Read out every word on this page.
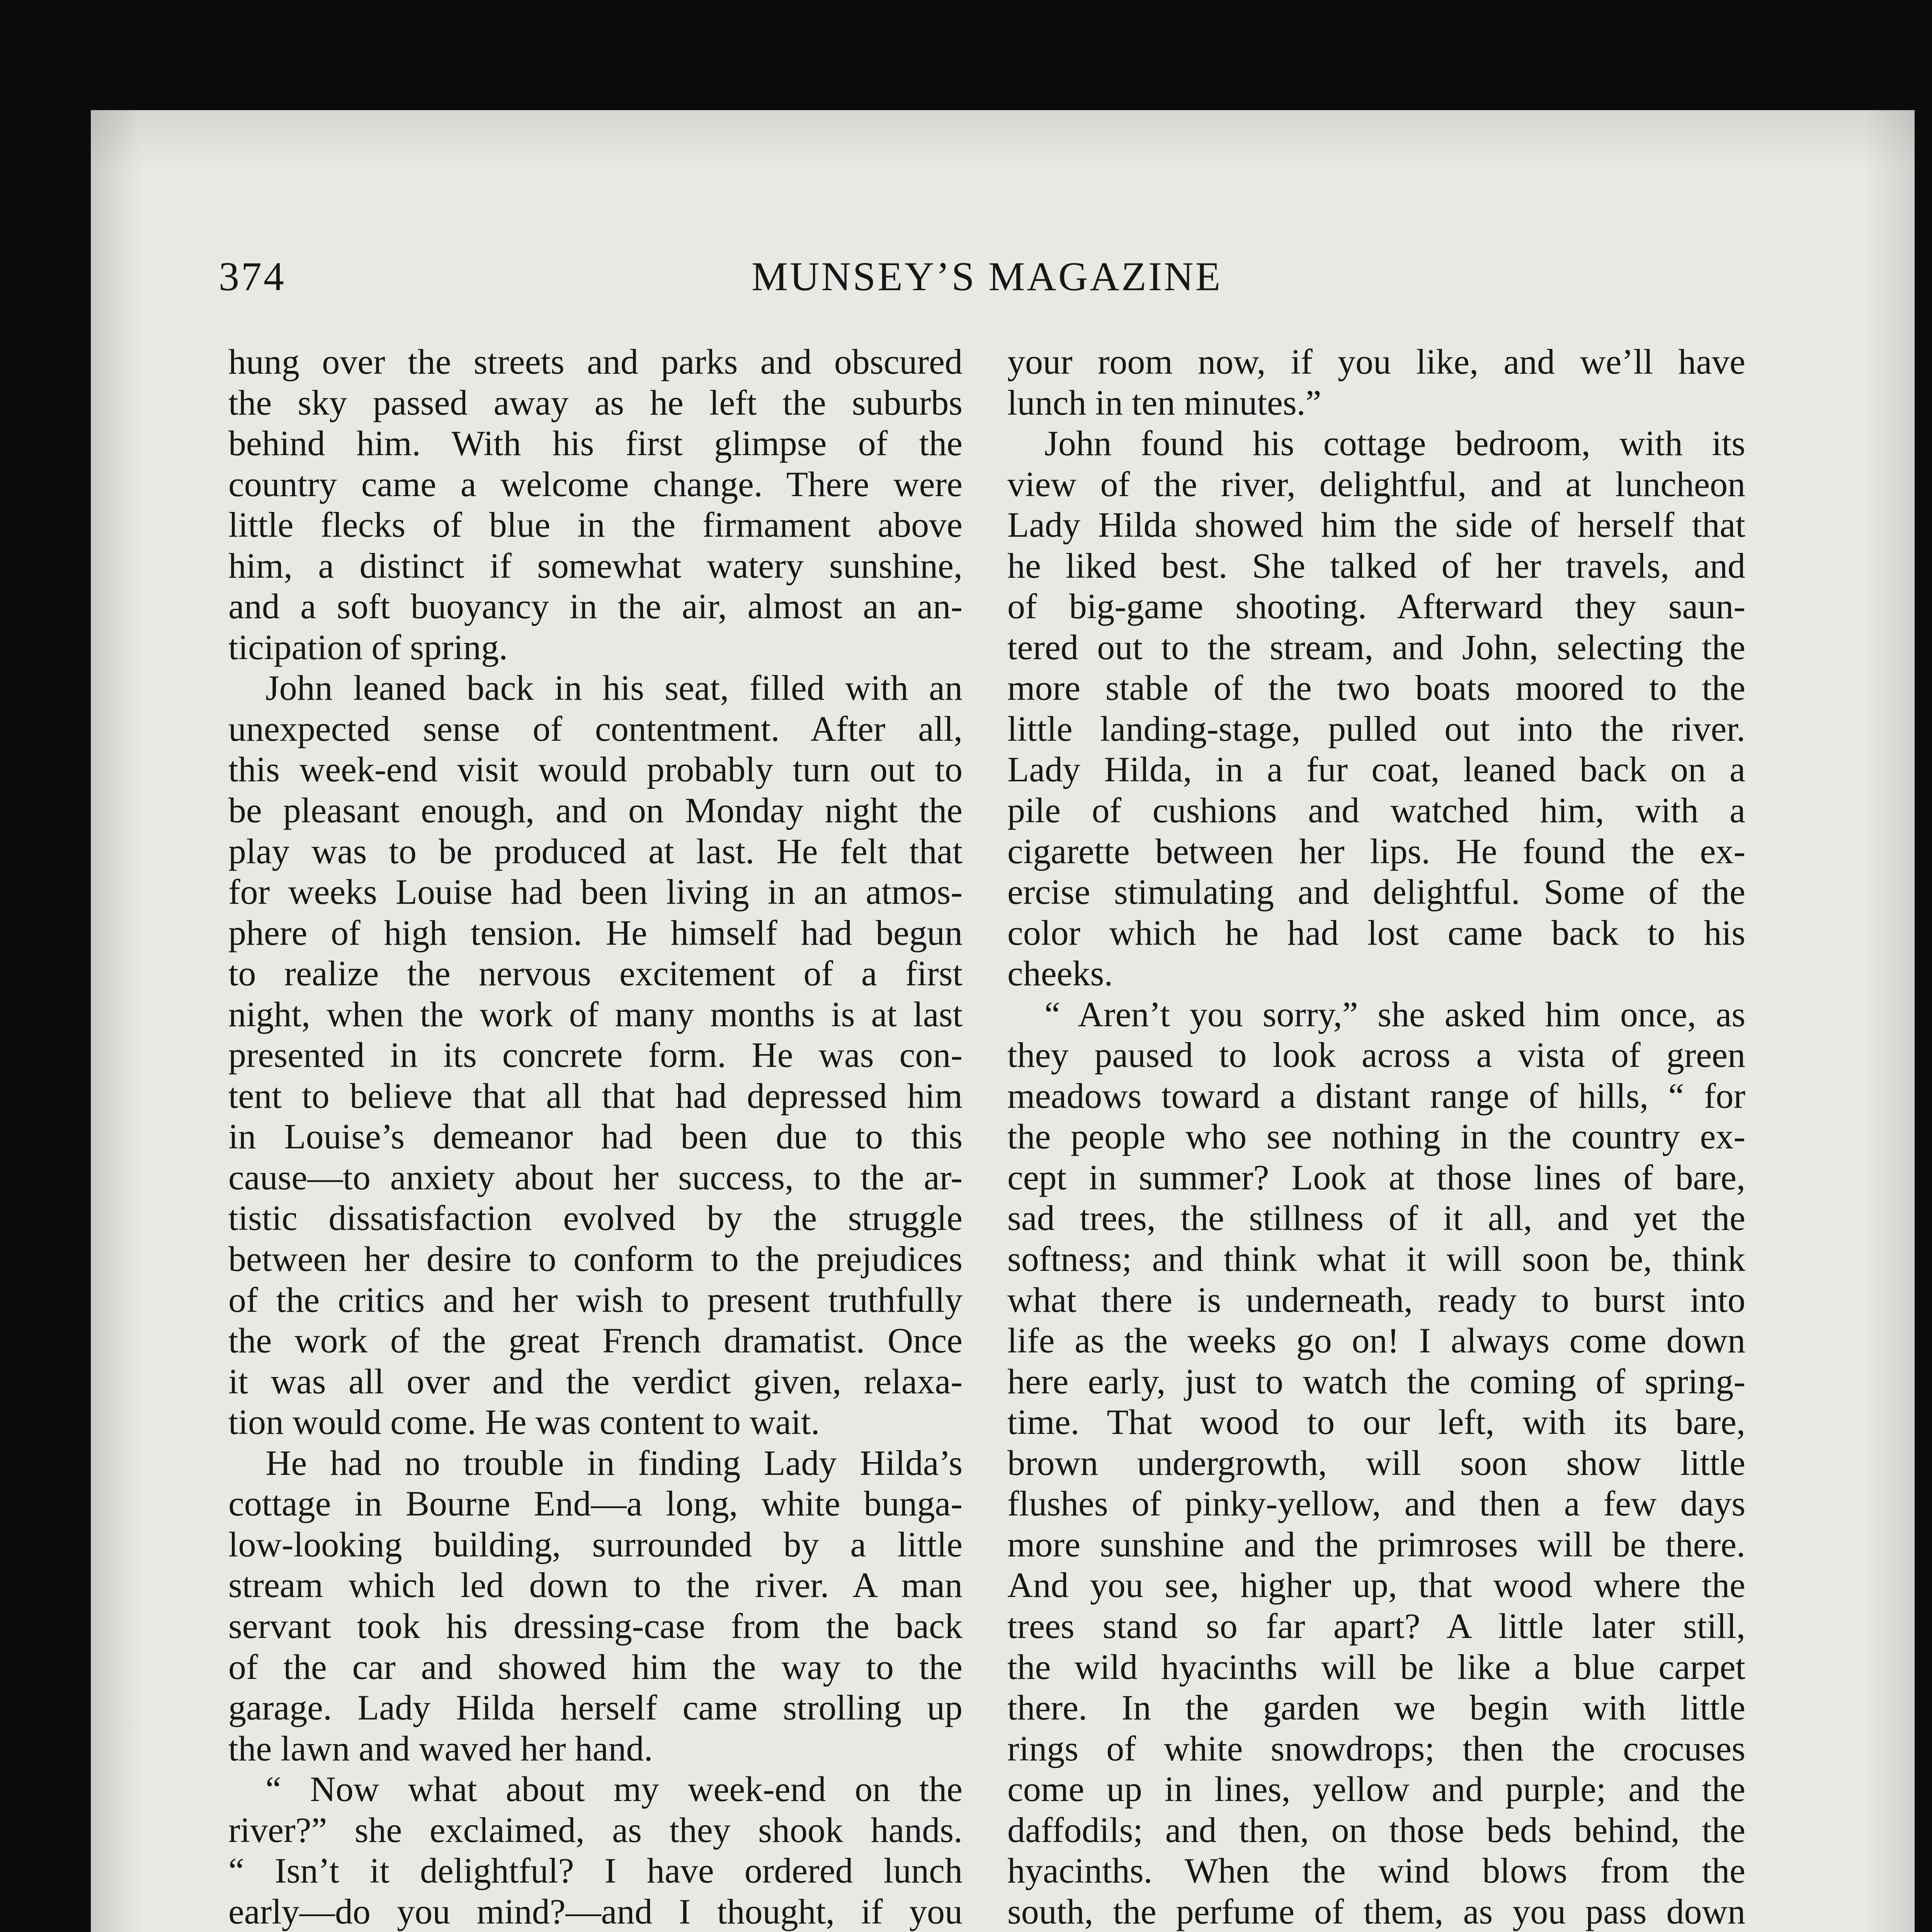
374	MUNSEY’S MAGAZINE
hung over the streets and parks and obscured
the sky passed away as he left the suburbs
behind him. With his first glimpse of the
country came a welcome change. There were
little flecks of blue in the firmament above
him, a distinct if somewhat watery sunshine,
and a soft buoyancy in the air, almost an an-
ticipation of spring.
John leaned back in his seat, filled with an
unexpected sense of contentment. After all,
this week-end visit would probably turn out to
be pleasant enough, and on Monday night the
play was to be produced at last. He felt that
for weeks Louise had been living in an atmos-
phere of high tension. He himself had begun
to realize the nervous excitement of a first
night, when the work of many months is at last
presented in its concrete form. He was con-
tent to believe that all that had depressed him
in Louise’s demeanor had been due to this
cause—to anxiety about her success, to the ar-
tistic dissatisfaction evolved by the struggle
between her desire to conform to the prejudices
of the critics and her wish to present truthfully
the work of the great French dramatist. Once
it was all over and the verdict given, relaxa-
tion would come. He was content to wait.
He had no trouble in finding Lady Hilda’s
cottage in Bourne End—a long, white bunga-
low-looking building, surrounded by a little
stream which led down to the river. A man
servant took his dressing-case from the back
of the car and showed him the way to the
garage. Lady Hilda herself came strolling up
the lawn and waved her hand.
“ Now what about my week-end on the
river?” she exclaimed, as they shook hands.
“ Isn’t it delightful? I have ordered lunch
early—do you mind?—and I thought, if you
your room now, if you like, and we’ll have
lunch in ten minutes.”
John found his cottage bedroom, with its
view of the river, delightful, and at luncheon
Lady Hilda showed him the side of herself that
he liked best. She talked of her travels, and
of big-game shooting. Afterward they saun-
tered out to the stream, and John, selecting the
more stable of the two boats moored to the
little landing-stage, pulled out into the river.
Lady Hilda, in a fur coat, leaned back on a
pile of cushions and watched him, with a
cigarette between her lips. He found the ex-
ercise stimulating and delightful. Some of the
color which he had lost came back to his
cheeks.
“ Aren’t you sorry,” she asked him once, as
they paused to look across a vista of green
meadows toward a distant range of hills, “ for
the people who see nothing in the country ex-
cept in summer? Look at those lines of bare,
sad trees, the stillness of it all, and yet the
softness; and think what it will soon be, think
what there is underneath, ready to burst into
life as the weeks go on! I always come down
here early, just to watch the coming of spring-
time. That wood to our left, with its bare,
brown undergrowth, will soon show little
flushes of pinky-yellow, and then a few days
more sunshine and the primroses will be there.
And you see, higher up, that wood where the
trees stand so far apart? A little later still,
the wild hyacinths will be like a blue carpet
there. In the garden we begin with little
rings of white snowdrops; then the crocuses
come up in lines, yellow and purple; and the
daffodils; and then, on those beds behind, the
hyacinths. When the wind blows from the
south, the perfume of them, as you pass down
